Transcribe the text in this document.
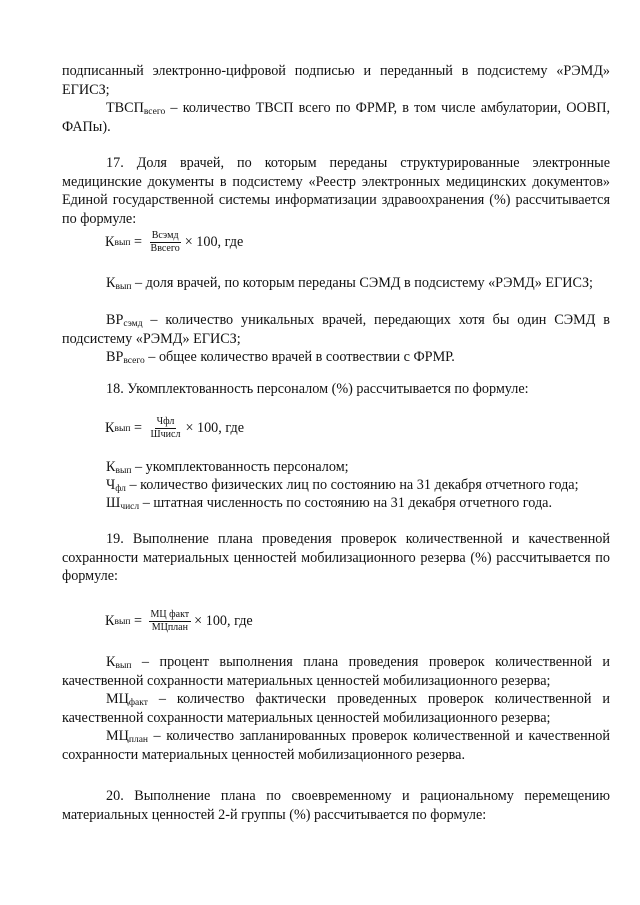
подписанный электронно-цифровой подписью и переданный в подсистему «РЭМД» ЕГИСЗ;
$ТВСП_{всего}$ – количество ТВСП всего по ФРМР, в том числе амбулатории, ООВП, ФАПы).
17. Доля врачей, по которым переданы структурированные электронные медицинские документы в подсистему «Реестр электронных медицинских документов» Единой государственной системы информатизации здравоохранения (%) рассчитывается по формуле:
К вып = $\frac{\text{Всэмд}}{\text{Ввсего}} \times 100$, где
$К_{вып}$ – доля врачей, по которым переданы СЭМД в подсистему «РЭМД» ЕГИСЗ;
$ВР_{сэмд}$ – количество уникальных врачей, передающих хотя бы один СЭМД в подсистему «РЭМД» ЕГИСЗ;
$ВР_{всего}$ – общее количество врачей в соотвествии с ФРМР.
18. Укомплектованность персоналом (%) рассчитывается по формуле:
К вып = $\frac{\text{Чфл}}{\text{Шчисл}} \times 100$, где
$К_{вып}$ – укомплектованность персоналом;
$Ч_{фл}$ – количество физических лиц по состоянию на 31 декабря отчетного года;
$Ш_{числ}$ – штатная численность по состоянию на 31 декабря отчетного года.
19. Выполнение плана проведения проверок количественной и качественной сохранности материальных ценностей мобилизационного резерва (%) рассчитывается по формуле:
К вып = $\frac{\text{МЦ факт}}{\text{МЦплан}} \times 100$, где
$К_{вып}$ – процент выполнения плана проведения проверок количественной и качественной сохранности материальных ценностей мобилизационного резерва;
$МЦ_{факт}$ – количество фактически проведенных проверок количественной и качественной сохранности материальных ценностей мобилизационного резерва;
$МЦ_{план}$ – количество запланированных проверок количественной и качественной сохранности материальных ценностей мобилизационного резерва.
20. Выполнение плана по своевременному и рациональному перемещению материальных ценностей 2-й группы (%) рассчитывается по формуле:
